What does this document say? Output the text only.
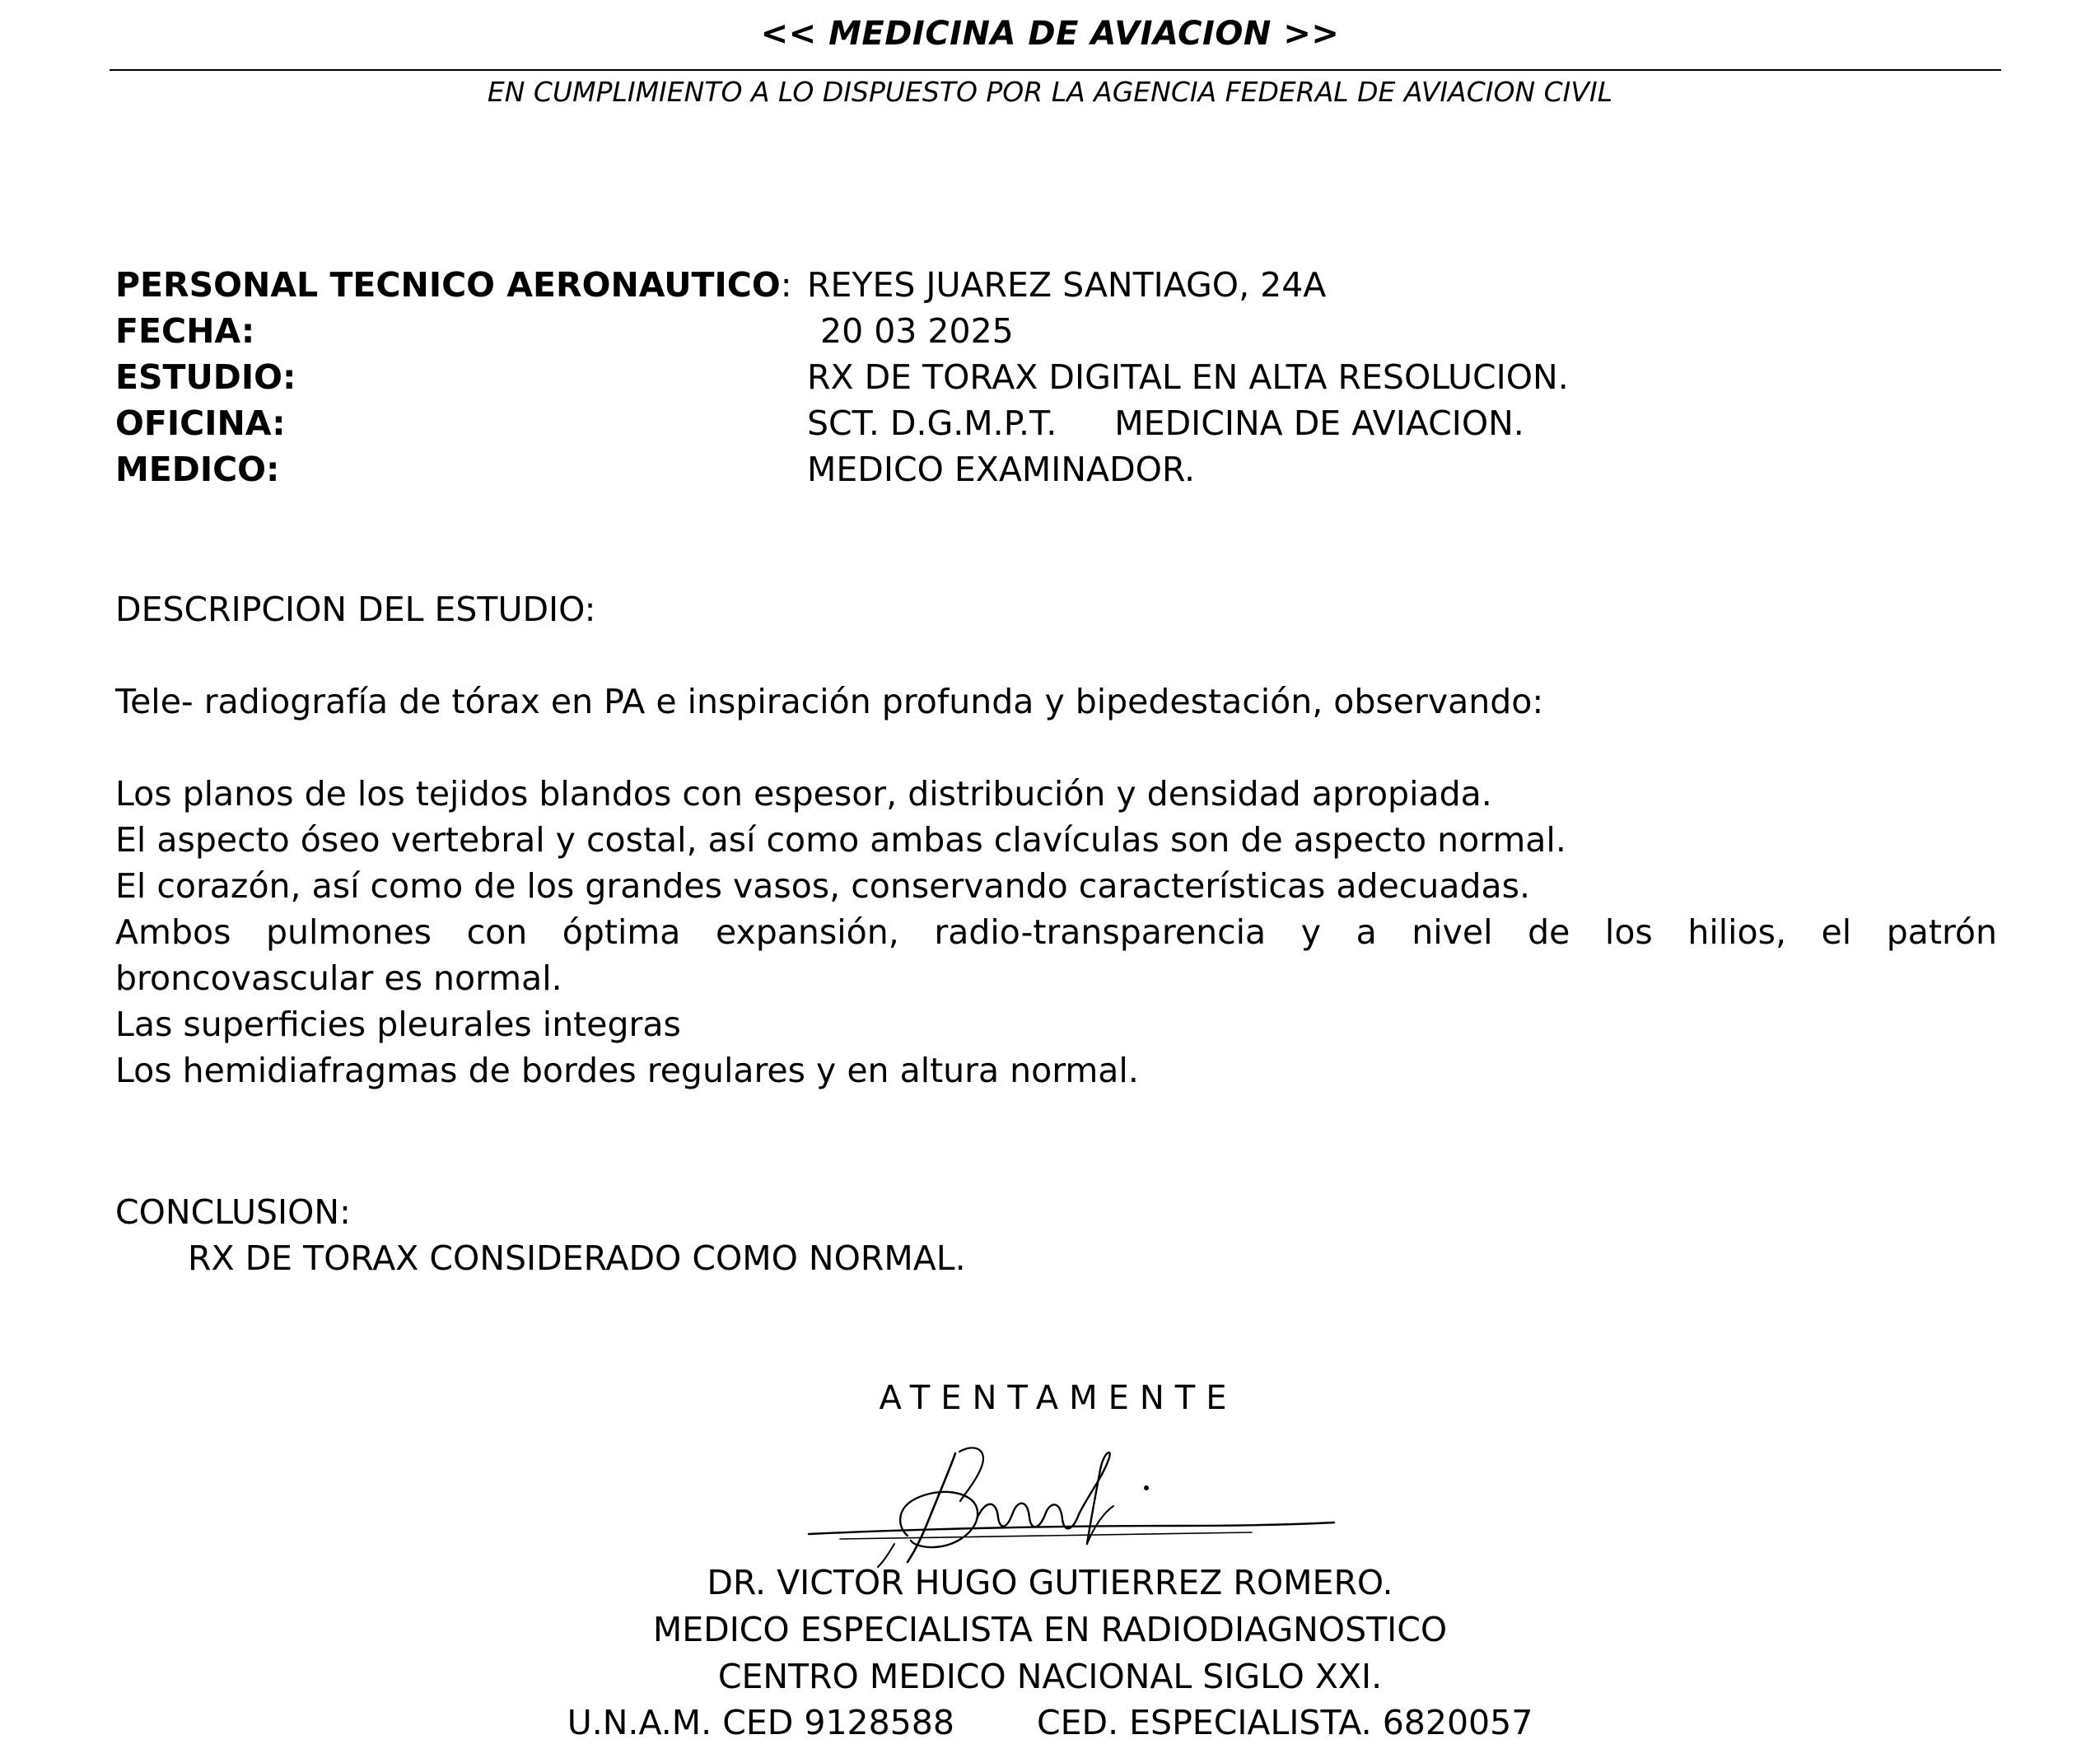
<< MEDICINA DE AVIACION >>
EN CUMPLIMIENTO A LO DISPUESTO POR LA AGENCIA FEDERAL DE AVIACION CIVIL
PERSONAL TECNICO AERONAUTICO: REYES JUAREZ SANTIAGO, 24A
FECHA:	20 03 2025
ESTUDIO:	RX DE TORAX DIGITAL EN ALTA RESOLUCION.
OFICINA:	SCT. D.G.M.P.T. MEDICINA DE AVIACION.
MEDICO:	MEDICO EXAMINADOR.
DESCRIPCION DEL ESTUDIO:
Tele- radiografía de tórax en PA e inspiración profunda y bipedestación, observando:
Los planos de los tejidos blandos con espesor, distribución y densidad apropiada.
El aspecto óseo vertebral y costal, así como ambas clavículas son de aspecto normal.
El corazón, así como de los grandes vasos, conservando características adecuadas.
Ambos pulmones con óptima expansión, radio-transparencia y a nivel de los hilios, el patrón
broncovascular es normal.
Las superficies pleurales integras
Los hemidiafragmas de bordes regulares y en altura normal.
CONCLUSION:
RX DE TORAX CONSIDERADO COMO NORMAL.
ATENTAMENTE
DR. VICTOR HUGO GUTIERREZ ROMERO.
MEDICO ESPECIALISTA EN RADIODIAGNOSTICO
CENTRO MEDICO NACIONAL SIGLO XXI.
U.N.A.M. CED 9128588 CED. ESPECIALISTA. 6820057
